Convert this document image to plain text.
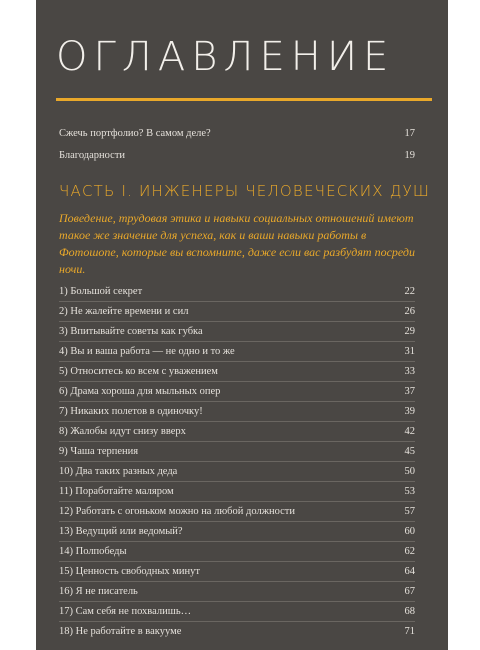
ОГЛАВЛЕНИЕ
Сжечь портфолио? В самом деле?	17
Благодарности	19
ЧАСТЬ I. ИНЖЕНЕРЫ ЧЕЛОВЕЧЕСКИХ ДУШ

Поведение, трудовая этика и навыки социальных отношений имеют такое же значение для успеха, как и ваши навыки работы в Фотошопе, которые вы вспомните, даже если вас разбудят посреди ночи.

1) Большой секрет	22
2) Не жалейте времени и сил	26
3) Впитывайте советы как губка	29
4) Вы и ваша работа — не одно и то же	31
5) Относитесь ко всем с уважением	33
6) Драма хороша для мыльных опер	37
7) Никаких полетов в одиночку!	39
8) Жалобы идут снизу вверх	42
9) Чаша терпения	45
10) Два таких разных деда	50
11) Поработайте маляром	53
12) Работать с огоньком можно на любой должности	57
13) Ведущий или ведомый?	60
14) Полпобеды	62
15) Ценность свободных минут	64
16) Я не писатель	67
17) Сам себя не похвалишь…	68
18) Не работайте в вакууме	71
